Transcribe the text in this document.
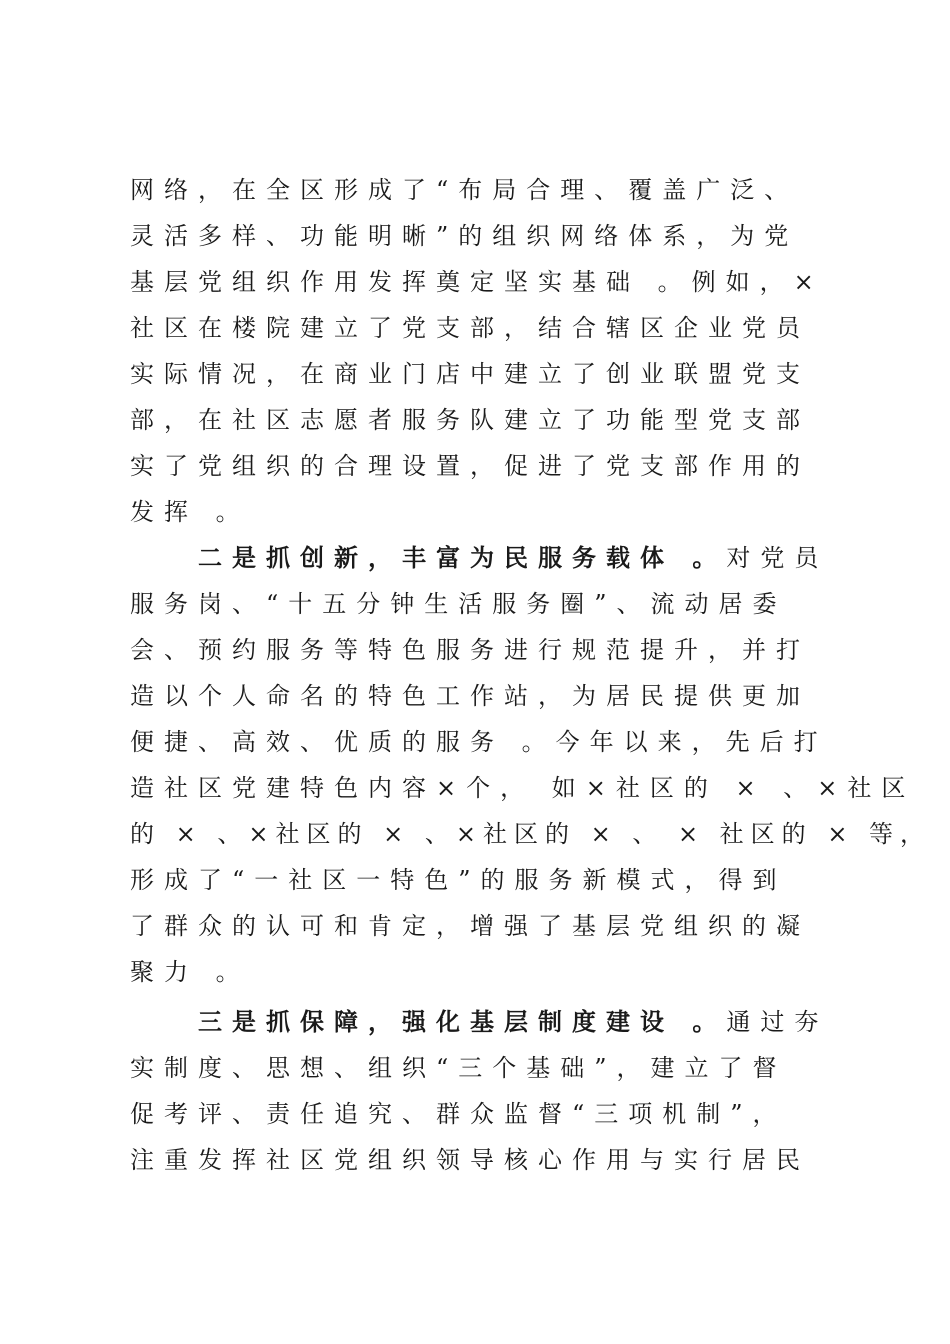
网络，在全区形成了“布局合理、覆盖广泛、
灵活多样、功能明晰”的组织网络体系，为党
基层党组织作用发挥奠定坚实基础 。例如，×
社区在楼院建立了党支部，结合辖区企业党员
实际情况，在商业门店中建立了创业联盟党支
部，在社区志愿者服务队建立了功能型党支部
实了党组织的合理设置，促进了党支部作用的
发挥 。
二是抓创新，丰富为民服务载体 。对党员
服务岗、“十五分钟生活服务圈”、流动居委
会、预约服务等特色服务进行规范提升，并打
造以个人命名的特色工作站，为居民提供更加
便捷、高效、优质的服务 。今年以来，先后打
造社区党建特色内容×个， 如×社区的 × 、×社区
的 × 、×社区的 × 、×社区的 × 、 × 社区的 × 等，
形成了“一社区一特色”的服务新模式，得到
了群众的认可和肯定，增强了基层党组织的凝
聚力 。
三是抓保障，强化基层制度建设 。通过夯
实制度、思想、组织“三个基础”，建立了督
促考评、责任追究、群众监督“三项机制”，
注重发挥社区党组织领导核心作用与实行居民
